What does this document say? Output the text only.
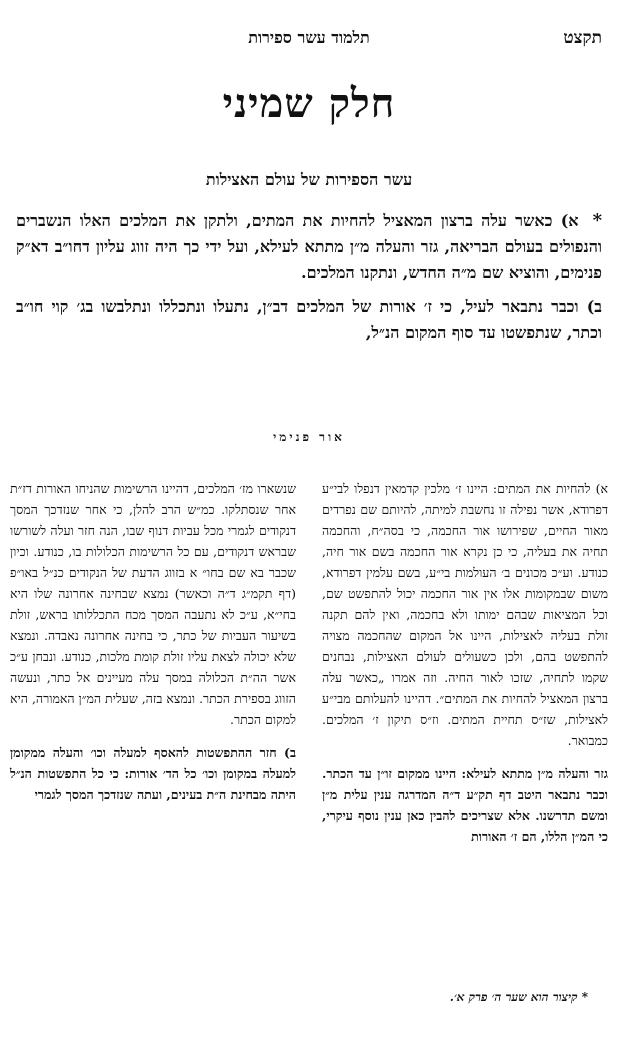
תקצט
תלמוד עשר ספירות
חלק שמיני
עשר הספירות של עולם האצילות

*א) כאשר עלה ברצון המאציל להחיות את המתים, ולתקן את המלכים האלו הנשברים והנפולים בעולם הבריאה, גזר והעלה מ״ן מתתא לעילא, ועל ידי כך היה זווג עליון דחו״ב דא״ק פנימים, והוציא שם מ״ה החדש, ונתקנו המלכים.

ב) וכבר נתבאר לעיל, כי ז׳ אורות של המלכים דב״ן, נתעלו ונתכללו ונתלבשו בג׳ קוי חו״ב וכתר, שנתפשטו עד סוף המקום הנ״ל,

אור פנימי

א) להחיות את המתים: היינו ז׳ מלכין קדמאין דנפלו לבי״ע דפרודא, אשר נפילה זו נחשבת למיתה, להיותם שם נפרדים מאור החיים, שפירושו אור החכמה, כי בסה״ח, והחכמה תחיה את בעליה, כי כן נקרא אור החכמה בשם אור חיה, כנודע. וע״כ מכונים ב׳ העולמות בי״ע, בשם עלמין דפרודא, משום שבמקומות אלו אין אור החכמה יכול להתפשט שם, וכל המציאות שבהם ימותו ולא בחכמה, ואין להם תקנה זולת בעליה לאצילות, היינו אל המקום שהחכמה מצויה להתפשט בהם, ולכן כשעולים לעולם האצילות, נבחנים שקמו לתחיה, שזכו לאור החיה. וזה אמרו „כאשר עלה ברצון המאציל להחיות את המתים״. דהיינו להעלותם מבי״ע לאצילות, שז״ס תחיית המתים. וז״ס תיקון ז׳ המלכים. כמבואר.

גזר והעלה מ״ן מתתא לעילא: היינו ממקום זו״ן עד הכתר. וכבר נתבאר היטב דף תק״ע ד״ה המדרגה ענין עלית מ״ן ומשם תדרשנו. אלא שצריכים להבין כאן ענין נוסף עיקרי, כי המ״ן הללו, הם ז׳ האורות

שנשארו מז׳ המלכים, דהיינו הרשימות שהניחו האורות דז״ת אחר שנסתלקו. כמ״ש הרב להלן, כי אחר שנזדכך המסך דנקודים לגמרי מכל עביות דנוף שבו, הנה חזר ועלה לשורשו שבראש דנקודים, עם כל הרשימות הכלולות בו, כנודע. וכיון שכבר בא שם בחו״ א בזווג הדעת של הנקודים כנ״ל באו״פ (דף תקמ״ג ד״ה וכאשר) נמצא שבחינה אחרונה שלו היא בחי״א, ע״כ לא נתעבה המסך מכח התכללותו בראש, זולת בשיעור העביות של כתר, כי בחינה אחרונה נאבדה. ונמצא שלא יכולה לצאת עליו זולת קומת מלכות, כנודע. ונבחן ע״כ אשר הה״ת הכלולה במסך עלה מעיינים אל כתר, ונעשה הזווג בספירת הכתר. ונמצא בזה, שעלית המ״ן האמורה, היא למקום הכתר.

ב) חזר ההתפשטות להאסף למעלה וכו׳ והעלה ממקומן למעלה במקומן וכו׳ כל הד׳ אורות: כי כל התפשטות הנ״ל היתה מבחינת ה״ת בעינים, ועתה שנזדכך המסך לגמרי

* קיצור הוא שער ה׳ פרק א׳.
